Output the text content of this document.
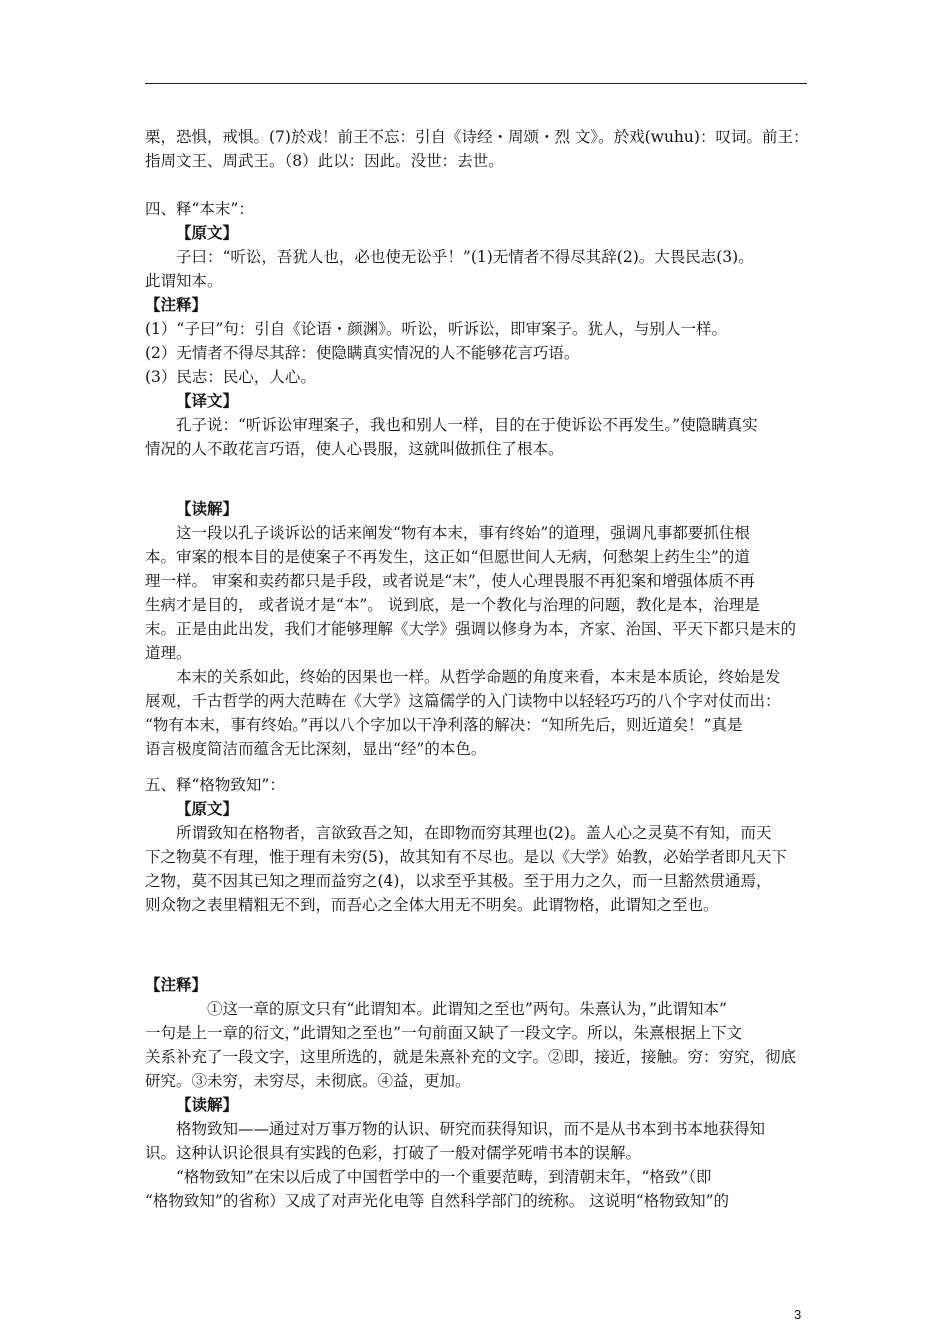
栗，恐惧，戒惧。(7)於戏！前王不忘：引自《诗经・周颂・烈 文》。於戏(wuhu)：叹词。前王：
指周文王、周武王。（8）此以：因此。没世：去世。
四、释“本末”：
【原文】
子曰：“听讼，吾犹人也，必也使无讼乎！”(1)无情者不得尽其辞(2)。大畏民志(3)。
此谓知本。
【注释】
(1）“子曰”句：引自《论语・颜渊》。听讼，听诉讼，即审案子。犹人，与别人一样。
(2）无情者不得尽其辞：使隐瞒真实情况的人不能够花言巧语。
(3）民志：民心，人心。
【译文】
孔子说：“听诉讼审理案子，我也和别人一样，目的在于使诉讼不再发生。”使隐瞒真实
情况的人不敢花言巧语，使人心畏服，这就叫做抓住了根本。
【读解】
这一段以孔子谈诉讼的话来阐发“物有本末，事有终始”的道理，强调凡事都要抓住根
本。审案的根本目的是使案子不再发生，这正如“但愿世间人无病，何愁架上药生尘”的道
理一样。 审案和卖药都只是手段，或者说是“末”，使人心理畏服不再犯案和增强体质不再
生病才是目的， 或者说才是“本”。 说到底，是一个教化与治理的问题，教化是本，治理是
末。正是由此出发，我们才能够理解《大学》强调以修身为本，齐家、治国、平天下都只是末的
道理。
本末的关系如此，终始的因果也一样。从哲学命题的角度来看，本末是本质论，终始是发
展观，千古哲学的两大范畴在《大学》这篇儒学的入门读物中以轻轻巧巧的八个字对仗而出：
“物有本末，事有终始。”再以八个字加以干净利落的解决：“知所先后，则近道矣！”真是
语言极度简洁而蕴含无比深刻，显出“经”的本色。
五、释“格物致知”：
【原文】
所谓致知在格物者，言欲致吾之知，在即物而穷其理也(2)。盖人心之灵莫不有知，而天
下之物莫不有理，惟于理有未穷(5)，故其知有不尽也。是以《大学》始教，必始学者即凡天下
之物，莫不因其已知之理而益穷之(4)，以求至乎其极。至于用力之久，而一旦豁然贯通焉，
则众物之表里精粗无不到，而吾心之全体大用无不明矣。此谓物格，此谓知之至也。
【注释】
①这一章的原文只有“此谓知本。此谓知之至也”两句。朱熹认为，”此谓知本”
一句是上一章的衍文，”此谓知之至也”一句前面又缺了一段文字。所以，朱熹根据上下文
关系补充了一段文字，这里所选的，就是朱熹补充的文字。②即，接近，接触。穷：穷究，彻底
研究。③未穷，未穷尽，未彻底。④益，更加。
【读解】
格物致知——通过对万事万物的认识、研究而获得知识，而不是从书本到书本地获得知
识。这种认识论很具有实践的色彩，打破了一般对儒学死啃书本的误解。
“格物致知”在宋以后成了中国哲学中的一个重要范畴，到清朝末年，“格致”（即
“格物致知”的省称）又成了对声光化电等 自然科学部门的统称。 这说明“格物致知”的
3
